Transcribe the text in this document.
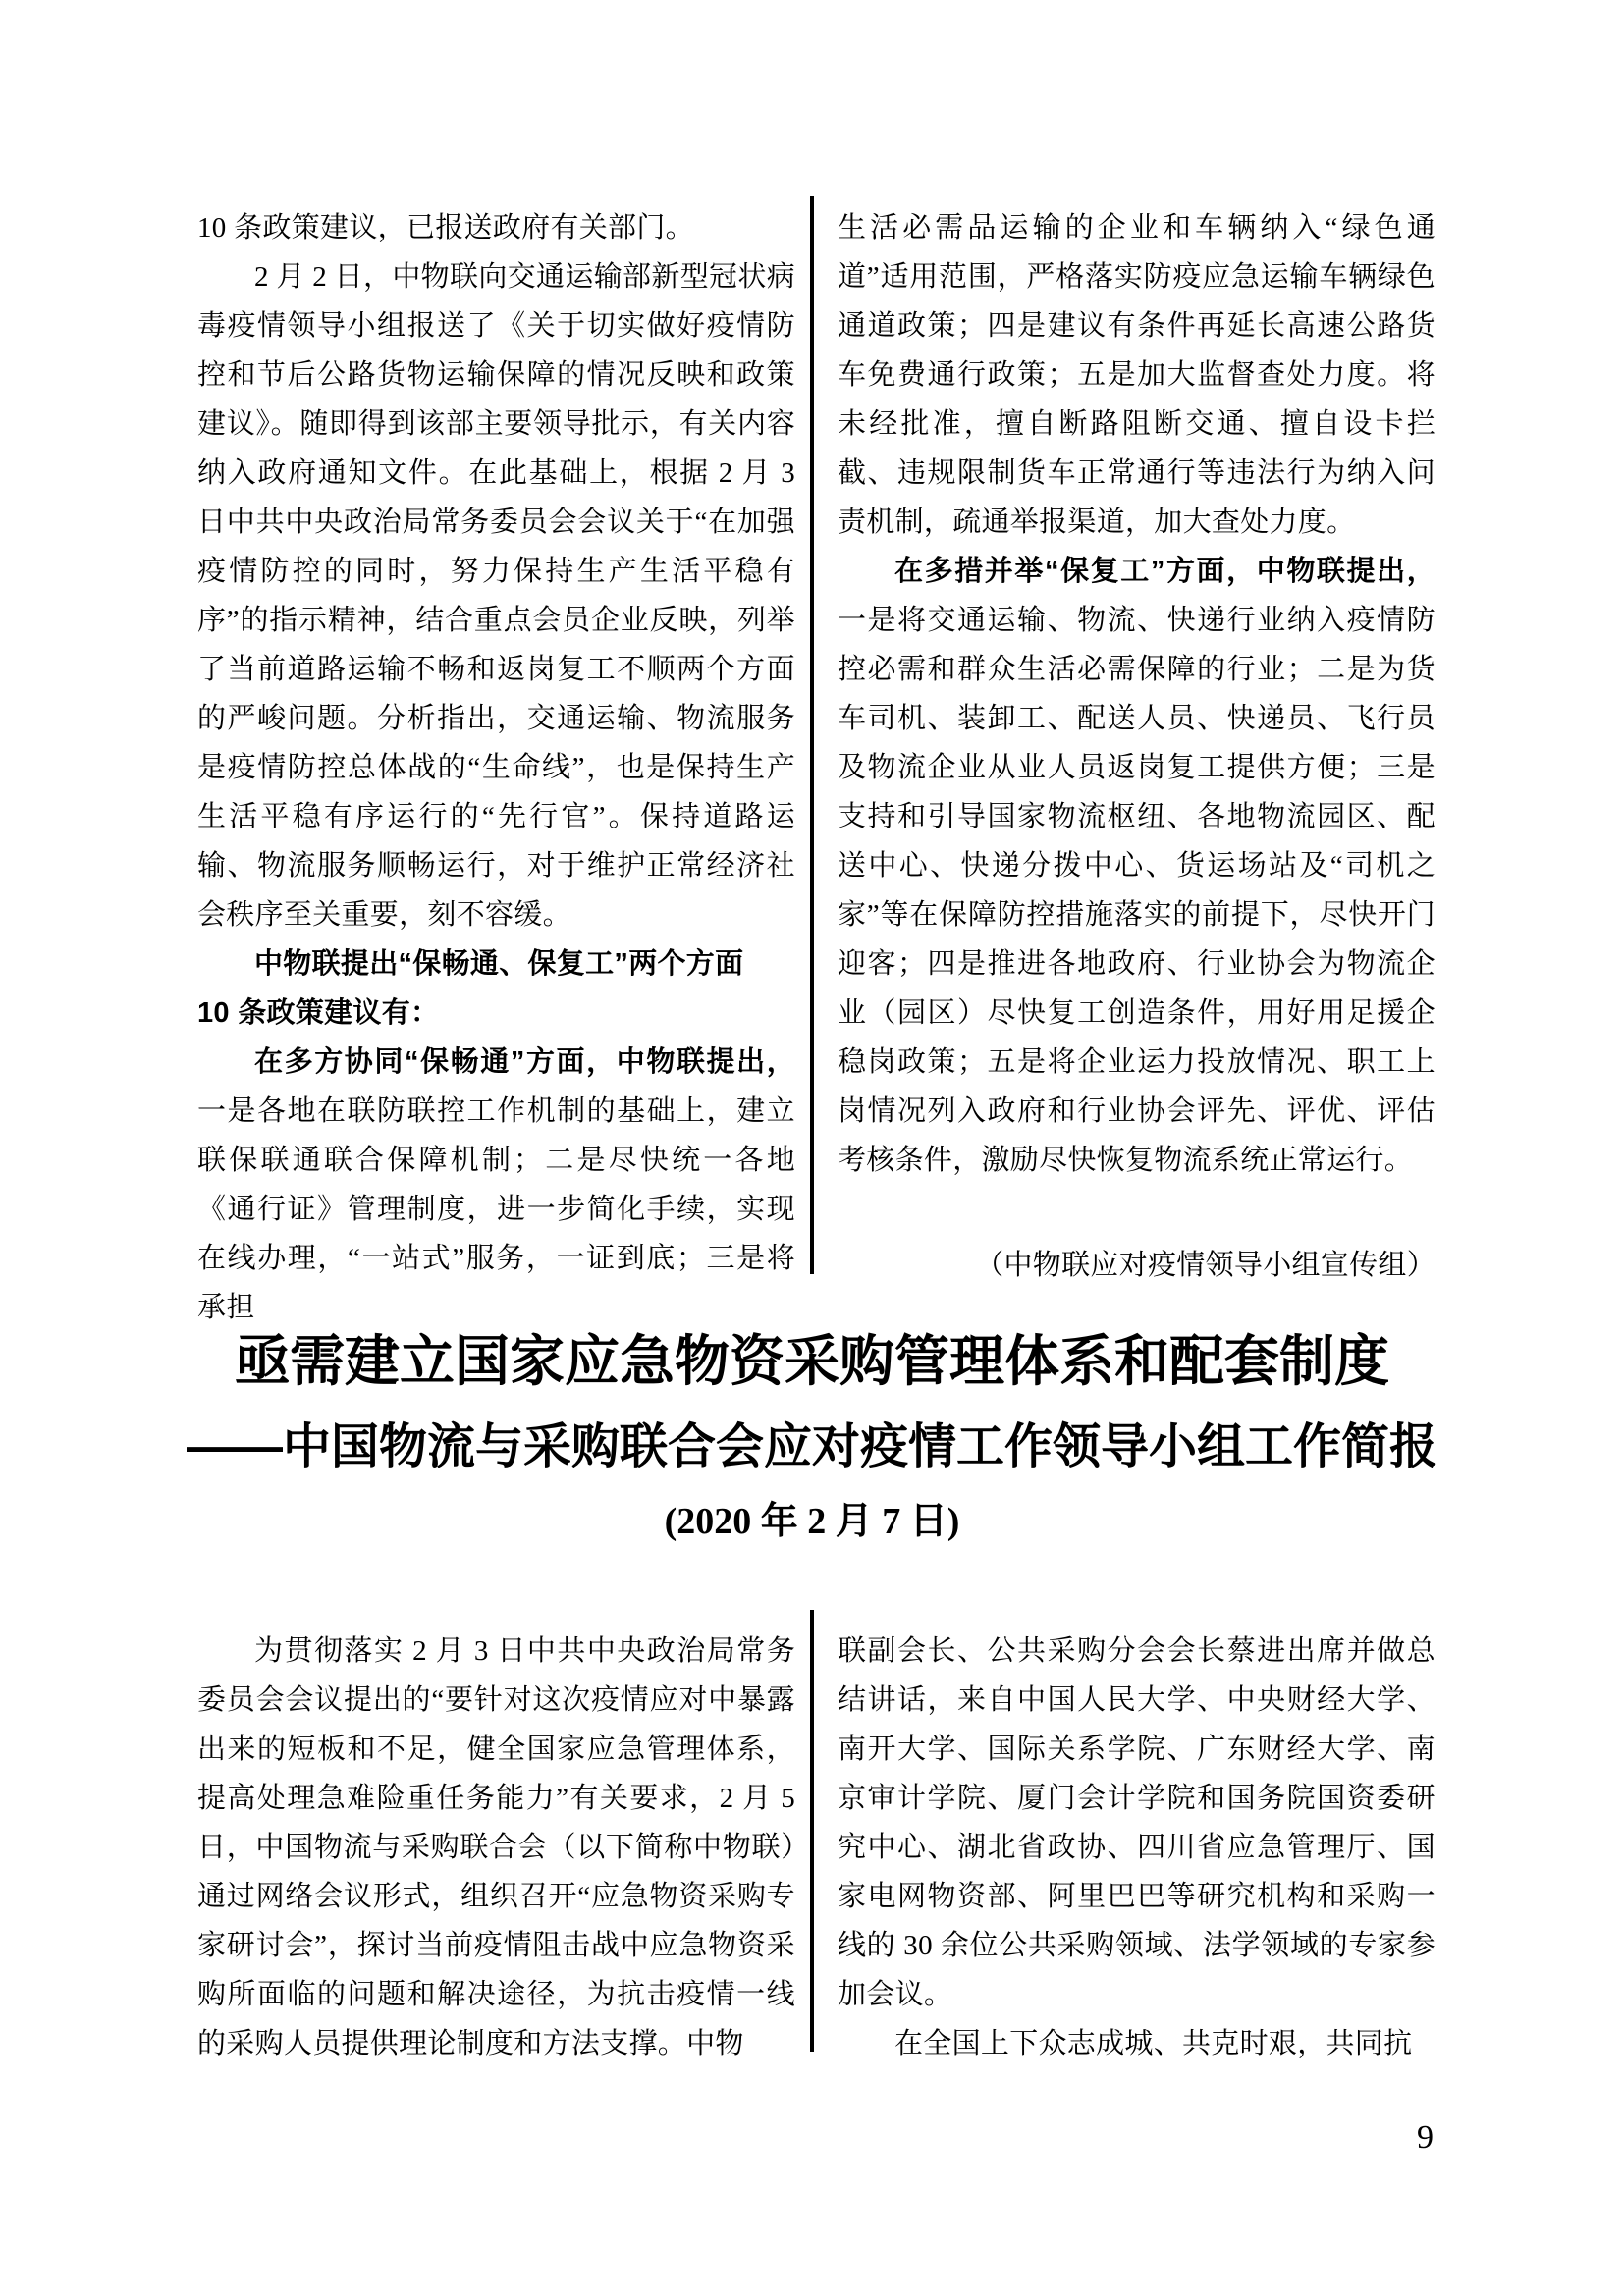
10 条政策建议，已报送政府有关部门。

2 月 2 日，中物联向交通运输部新型冠状病毒疫情领导小组报送了《关于切实做好疫情防控和节后公路货物运输保障的情况反映和政策建议》。随即得到该部主要领导批示，有关内容纳入政府通知文件。在此基础上，根据 2 月 3 日中共中央政治局常务委员会会议关于“在加强疫情防控的同时，努力保持生产生活平稳有序”的指示精神，结合重点会员企业反映，列举了当前道路运输不畅和返岗复工不顺两个方面的严峻问题。分析指出，交通运输、物流服务是疫情防控总体战的“生命线”，也是保持生产生活平稳有序运行的“先行官”。保持道路运输、物流服务顺畅运行，对于维护正常经济社会秩序至关重要，刻不容缓。

中物联提出“保畅通、保复工”两个方面
10 条政策建议有：

在多方协同“保畅通”方面，中物联提出，一是各地在联防联控工作机制的基础上，建立联保联通联合保障机制；二是尽快统一各地《通行证》管理制度，进一步简化手续，实现在线办理，“一站式”服务，一证到底；三是将承担

生活必需品运输的企业和车辆纳入“绿色通道”适用范围，严格落实防疫应急运输车辆绿色通道政策；四是建议有条件再延长高速公路货车免费通行政策；五是加大监督查处力度。将未经批准，擅自断路阻断交通、擅自设卡拦截、违规限制货车正常通行等违法行为纳入问责机制，疏通举报渠道，加大查处力度。

在多措并举“保复工”方面，中物联提出，一是将交通运输、物流、快递行业纳入疫情防控必需和群众生活必需保障的行业；二是为货车司机、装卸工、配送人员、快递员、飞行员及物流企业从业人员返岗复工提供方便；三是支持和引导国家物流枢纽、各地物流园区、配送中心、快递分拨中心、货运场站及“司机之家”等在保障防控措施落实的前提下，尽快开门迎客；四是推进各地政府、行业协会为物流企业（园区）尽快复工创造条件，用好用足援企稳岗政策；五是将企业运力投放情况、职工上岗情况列入政府和行业协会评先、评优、评估考核条件，激励尽快恢复物流系统正常运行。

（中物联应对疫情领导小组宣传组）

亟需建立国家应急物资采购管理体系和配套制度
——中国物流与采购联合会应对疫情工作领导小组工作简报
(2020 年 2 月 7 日)

为贯彻落实 2 月 3 日中共中央政治局常务委员会会议提出的“要针对这次疫情应对中暴露出来的短板和不足，健全国家应急管理体系，提高处理急难险重任务能力”有关要求，2 月 5 日，中国物流与采购联合会（以下简称中物联）通过网络会议形式，组织召开“应急物资采购专家研讨会”，探讨当前疫情阻击战中应急物资采购所面临的问题和解决途径，为抗击疫情一线的采购人员提供理论制度和方法支撑。中物

联副会长、公共采购分会会长蔡进出席并做总结讲话，来自中国人民大学、中央财经大学、南开大学、国际关系学院、广东财经大学、南京审计学院、厦门会计学院和国务院国资委研究中心、湖北省政协、四川省应急管理厅、国家电网物资部、阿里巴巴等研究机构和采购一线的 30 余位公共采购领域、法学领域的专家参加会议。

在全国上下众志成城、共克时艰，共同抗

9
